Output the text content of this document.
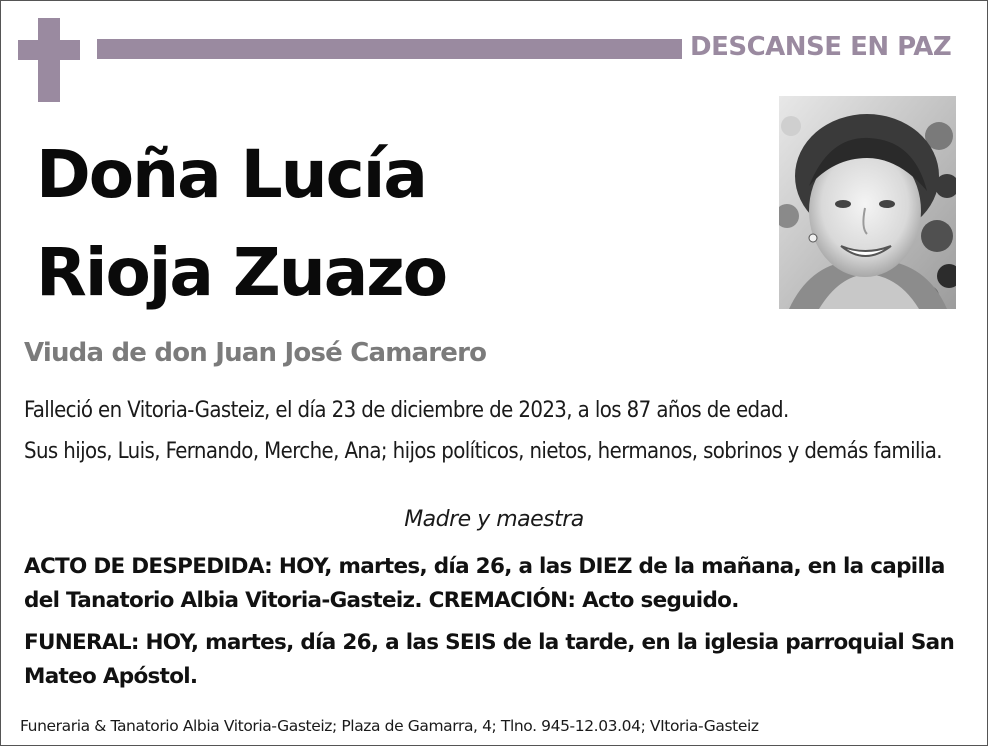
DESCANSE EN PAZ
Doña Lucía
Rioja Zuazo
Viuda de don Juan José Camarero
Falleció en Vitoria-Gasteiz, el día 23 de diciembre de 2023, a los 87 años de edad.
Sus hijos, Luis, Fernando, Merche, Ana; hijos políticos, nietos, hermanos, sobrinos y demás familia.
Madre y maestra
ACTO DE DESPEDIDA: HOY, martes, día 26, a las DIEZ de la mañana, en la capilla del Tanatorio Albia Vitoria-Gasteiz. CREMACIÓN: Acto seguido.
FUNERAL: HOY, martes, día 26, a las SEIS de la tarde, en la iglesia parroquial San Mateo Apóstol.
Funeraria & Tanatorio Albia Vitoria-Gasteiz; Plaza de Gamarra, 4; Tlno. 945-12.03.04; VItoria-Gasteiz
